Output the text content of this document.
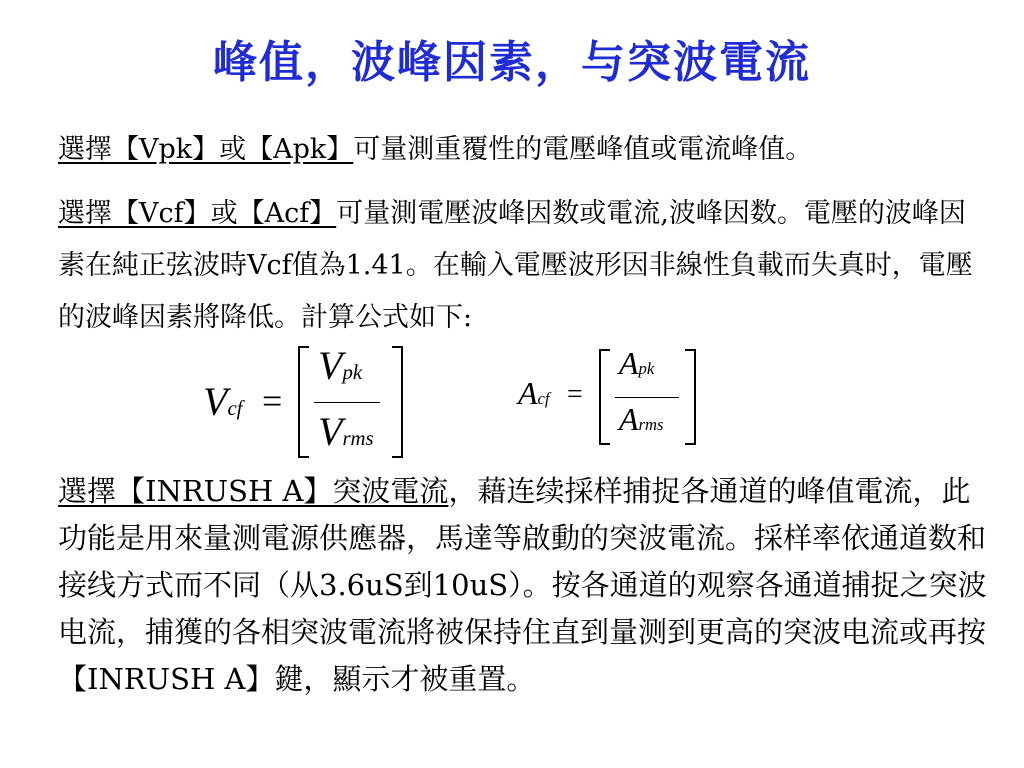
峰值，波峰因素，与突波電流
選擇【Vpk】或【Apk】可量測重覆性的電壓峰值或電流峰值。
選擇【Vcf】或【Acf】可量測電壓波峰因数或電流,波峰因数。電壓的波峰因素在純正弦波時Vcf值為1.41。在輸入電壓波形因非線性負載而失真时，電壓的波峰因素將降低。計算公式如下:
Vcf =
Vpk
Vrms
Acf =
Apk
Arms
選擇【INRUSH A】突波電流，藉连续採样捕捉各通道的峰值電流，此功能是用來量测電源供應器，馬達等啟動的突波電流。採样率依通道数和接线方式而不同（从3.6uS到10uS）。按各通道的观察各通道捕捉之突波电流，捕獲的各相突波電流將被保持住直到量测到更高的突波电流或再按【INRUSH A】鍵，顯示才被重置。
